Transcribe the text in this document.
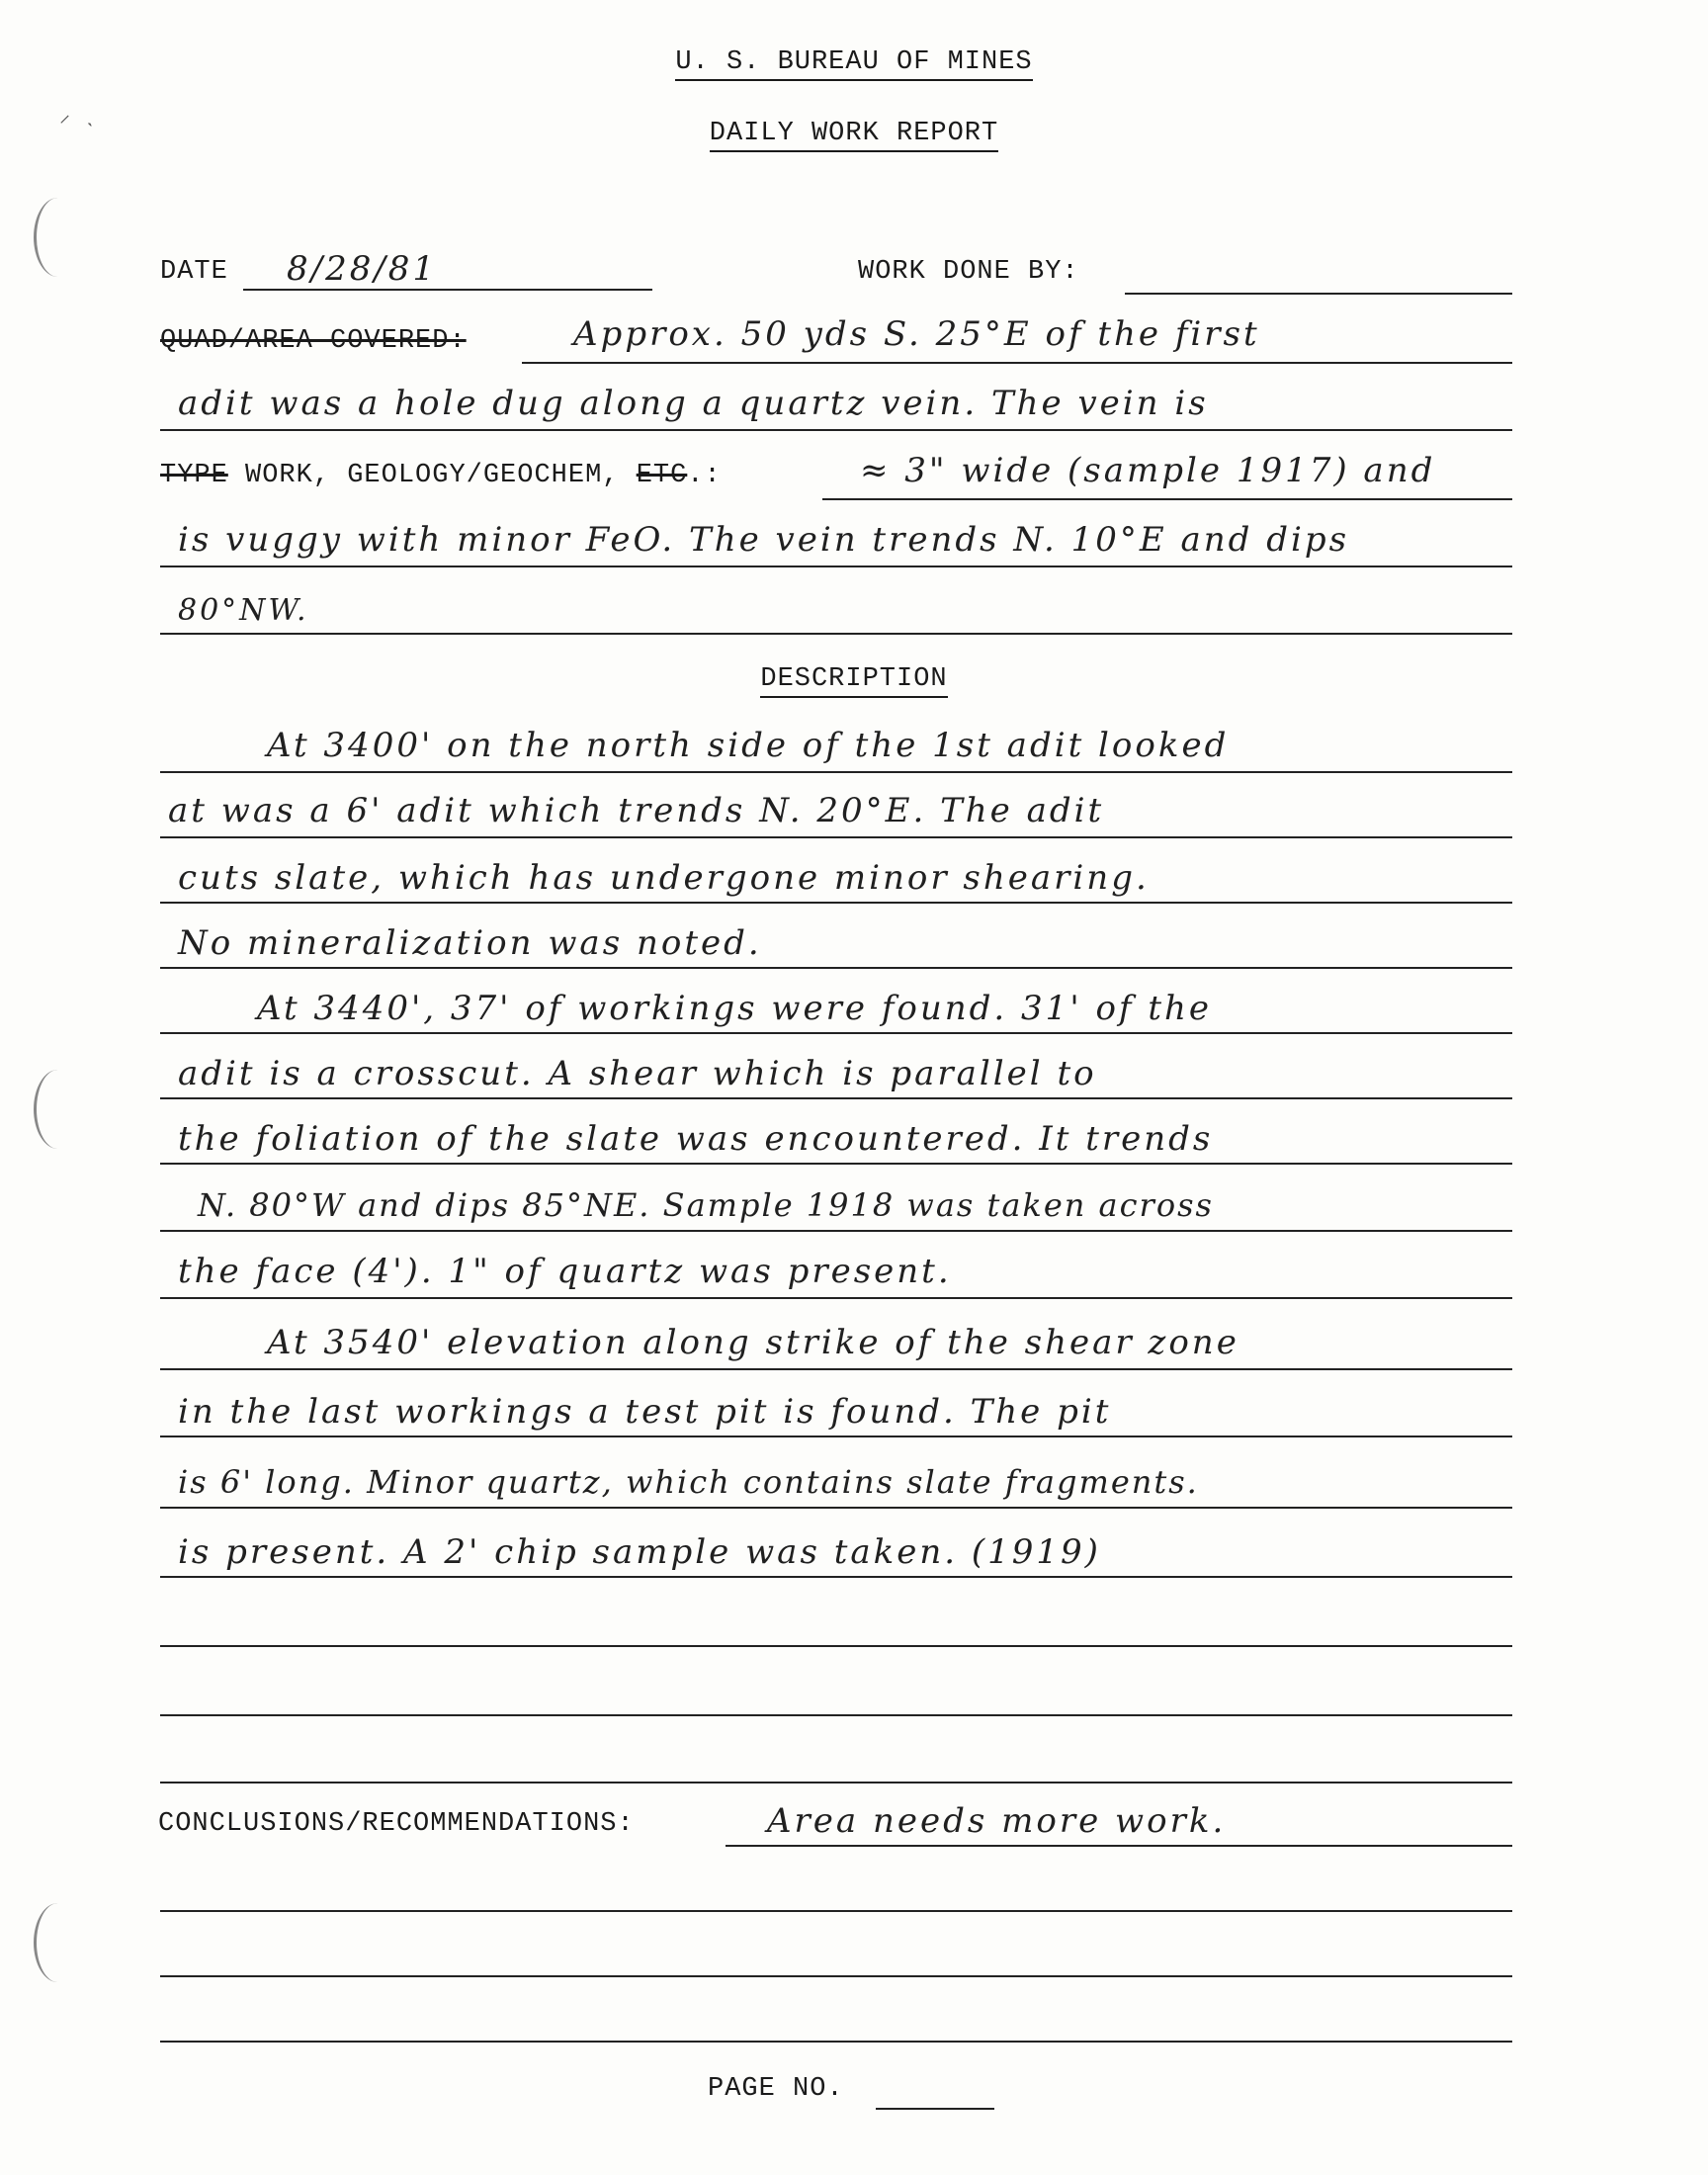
⸝ ˎ
U. S. BUREAU OF MINES
DAILY WORK REPORT
DATE 8/28/81	WORK DONE BY:
QUAD/AREA COVERED:	Approx. 50 yds S. 25°E of the first
adit was a hole dug along a quartz vein. The vein is
TYPE WORK, GEOLOGY/GEOCHEM, ETC.:	≈ 3" wide (sample 1917) and
is vuggy with minor FeO. The vein trends N. 10°E and dips
80°NW.
DESCRIPTION
At 3400' on the north side of the 1st adit looked
at was a 6' adit which trends N. 20°E. The adit
cuts slate, which has undergone minor shearing.
No mineralization was noted.
At 3440', 37' of workings were found. 31' of the
adit is a crosscut. A shear which is parallel to
the foliation of the slate was encountered. It trends
N. 80°W and dips 85°NE. Sample 1918 was taken across
the face (4'). 1" of quartz was present.
At 3540' elevation along strike of the shear zone
in the last workings a test pit is found. The pit
is 6' long. Minor quartz, which contains slate fragments.
is present. A 2' chip sample was taken. (1919)
CONCLUSIONS/RECOMMENDATIONS:	Area needs more work.
PAGE NO.
